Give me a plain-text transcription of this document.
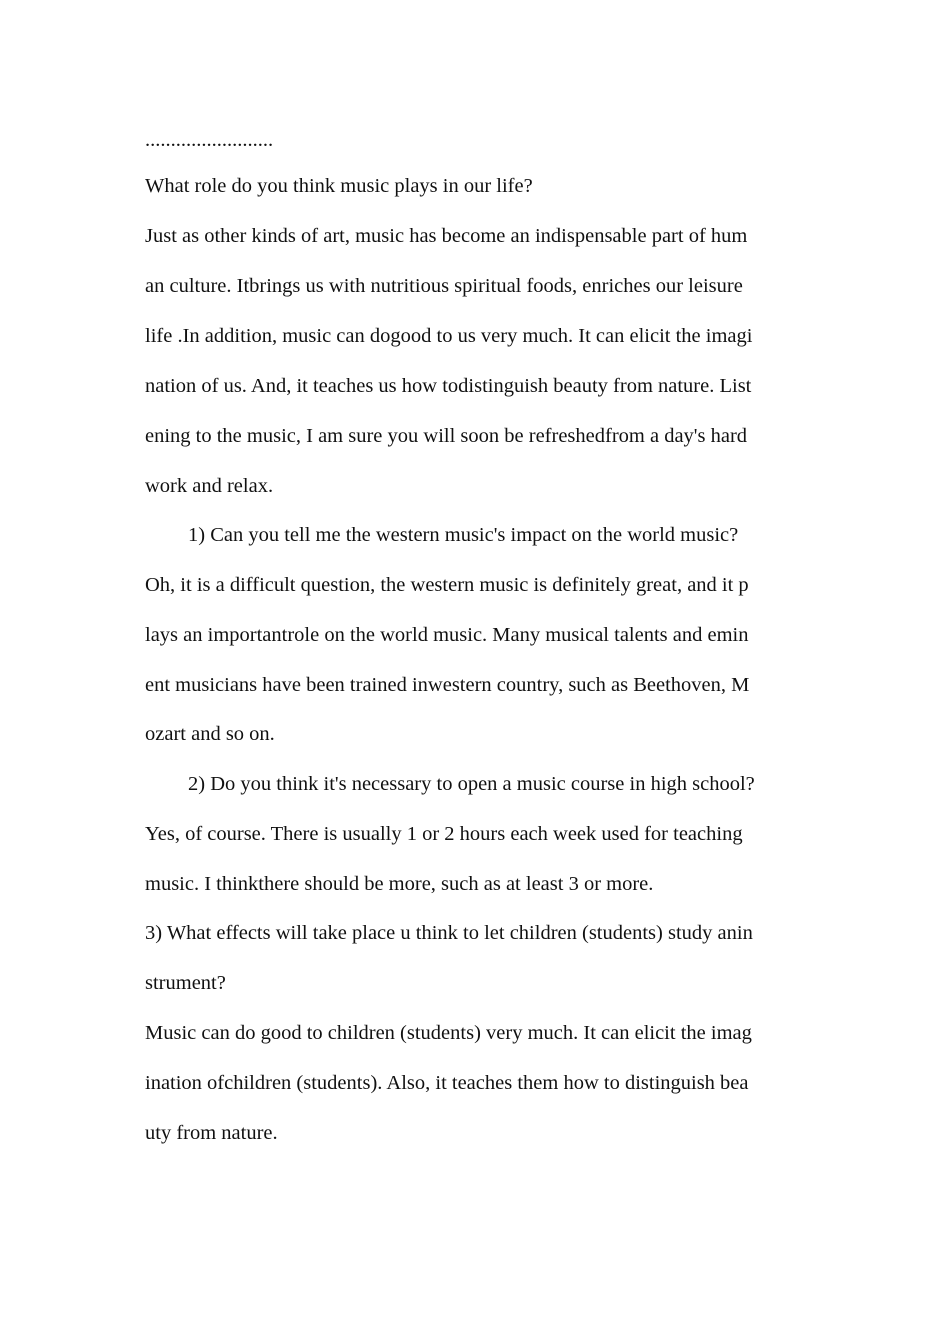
.........................
What role do you think music plays in our life?
Just as other kinds of art, music has become an indispensable part of hum
an culture. Itbrings us with nutritious spiritual foods, enriches our leisure
life .In addition, music can dogood to us very much. It can elicit the imagi
nation of us. And, it teaches us how todistinguish beauty from nature. List
ening to the music, I am sure you will soon be refreshedfrom a day's hard
work and relax.
1) Can you tell me the western music's impact on the world music?
Oh, it is a difficult question, the western music is definitely great, and it p
lays an importantrole on the world music. Many musical talents and emin
ent musicians have been trained inwestern country, such as Beethoven, M
ozart and so on.
2) Do you think it's necessary to open a music course in high school?
Yes, of course. There is usually 1 or 2 hours each week used for teaching
music. I thinkthere should be more, such as at least 3 or more.
3) What effects will take place u think to let children (students) study anin
strument?
Music can do good to children (students) very much. It can elicit the imag
ination ofchildren (students). Also, it teaches them how to distinguish bea
uty from nature.
